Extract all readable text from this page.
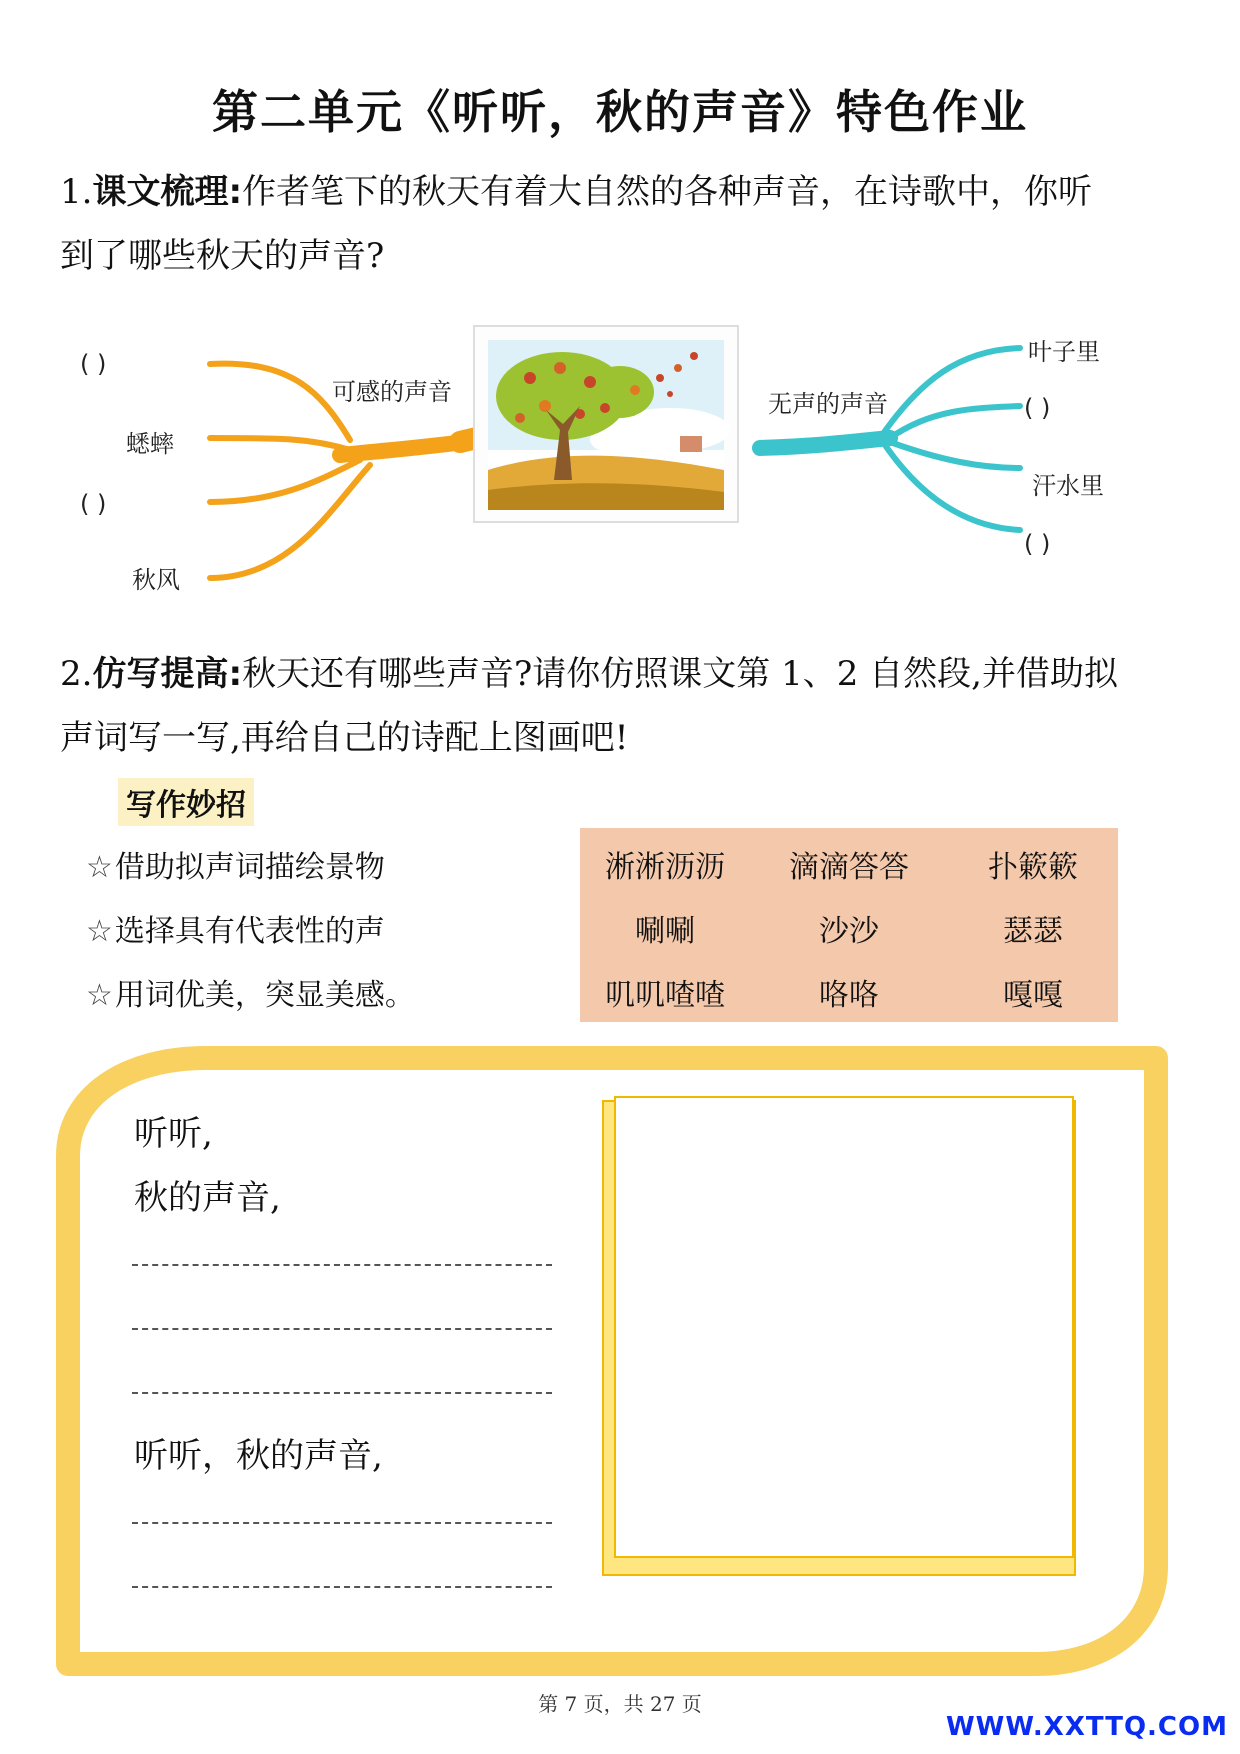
第二单元《听听，秋的声音》特色作业
1.课文梳理:作者笔下的秋天有着大自然的各种声音，在诗歌中，你听
到了哪些秋天的声音?
可感的声音	无声的声音
( )
蟋蟀
( )
秋风
叶子里
( )
汗水里
( )
2.仿写提高:秋天还有哪些声音?请你仿照课文第 1、2 自然段,并借助拟
声词写一写,再给自己的诗配上图画吧!
写作妙招
☆借助拟声词描绘景物
☆选择具有代表性的声
☆用词优美，突显美感。
淅淅沥沥	滴滴答答	扑簌簌
唰唰	沙沙	瑟瑟
叽叽喳喳	咯咯	嘎嘎
听听,
秋的声音,
听听，秋的声音,
第 7 页，共 27 页
WWW.XXTTQ.COM
